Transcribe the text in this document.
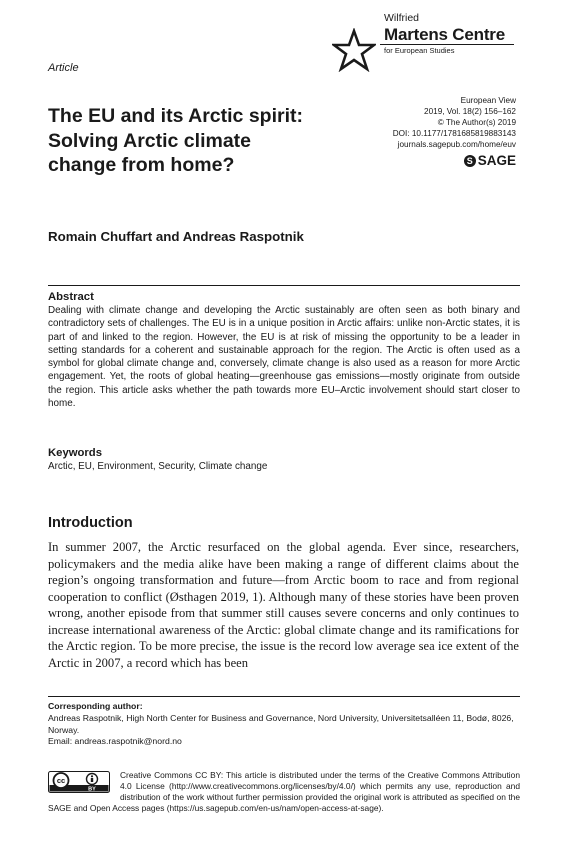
Article
Wilfried
Martens Centre
for European Studies
The EU and its Arctic spirit:
Solving Arctic climate
change from home?
European View
2019, Vol. 18(2) 156–162
© The Author(s) 2019
DOI: 10.1177/1781685819883143
journals.sagepub.com/home/euv
S SAGE
Romain Chuffart and Andreas Raspotnik
Abstract
Dealing with climate change and developing the Arctic sustainably are often seen as both binary and contradictory sets of challenges. The EU is in a unique position in Arctic affairs: unlike non-Arctic states, it is part of and linked to the region. However, the EU is at risk of missing the opportunity to be a leader in setting standards for a coherent and sustainable approach for the region. The Arctic is often used as a symbol for global climate change and, conversely, climate change is also used as a reason for more Arctic engagement. Yet, the roots of global heating—greenhouse gas emissions—mostly originate from outside the region. This article asks whether the path towards more EU–Arctic involvement should start closer to home.
Keywords
Arctic, EU, Environment, Security, Climate change
Introduction
In summer 2007, the Arctic resurfaced on the global agenda. Ever since, researchers, policymakers and the media alike have been making a range of different claims about the region’s ongoing transformation and future—from Arctic boom to race and from regional cooperation to conflict (Østhagen 2019, 1). Although many of these stories have been proven wrong, another episode from that summer still causes severe concerns and only continues to increase international awareness of the Arctic: global climate change and its ramifications for the Arctic region. To be more precise, the issue is the record low average sea ice extent of the Arctic in 2007, a record which has been
Corresponding author:
Andreas Raspotnik, High North Center for Business and Governance, Nord University, Universitetsalléen 11, Bodø, 8026, Norway.
Email: andreas.raspotnik@nord.no
cc
BY
Creative Commons CC BY: This article is distributed under the terms of the Creative Commons Attribution 4.0 License (http://www.creativecommons.org/licenses/by/4.0/) which permits any use, reproduction and distribution of the work without further permission provided the original work is attributed as specified on the SAGE and Open Access pages (https://us.sagepub.com/en-us/nam/open-access-at-sage).
